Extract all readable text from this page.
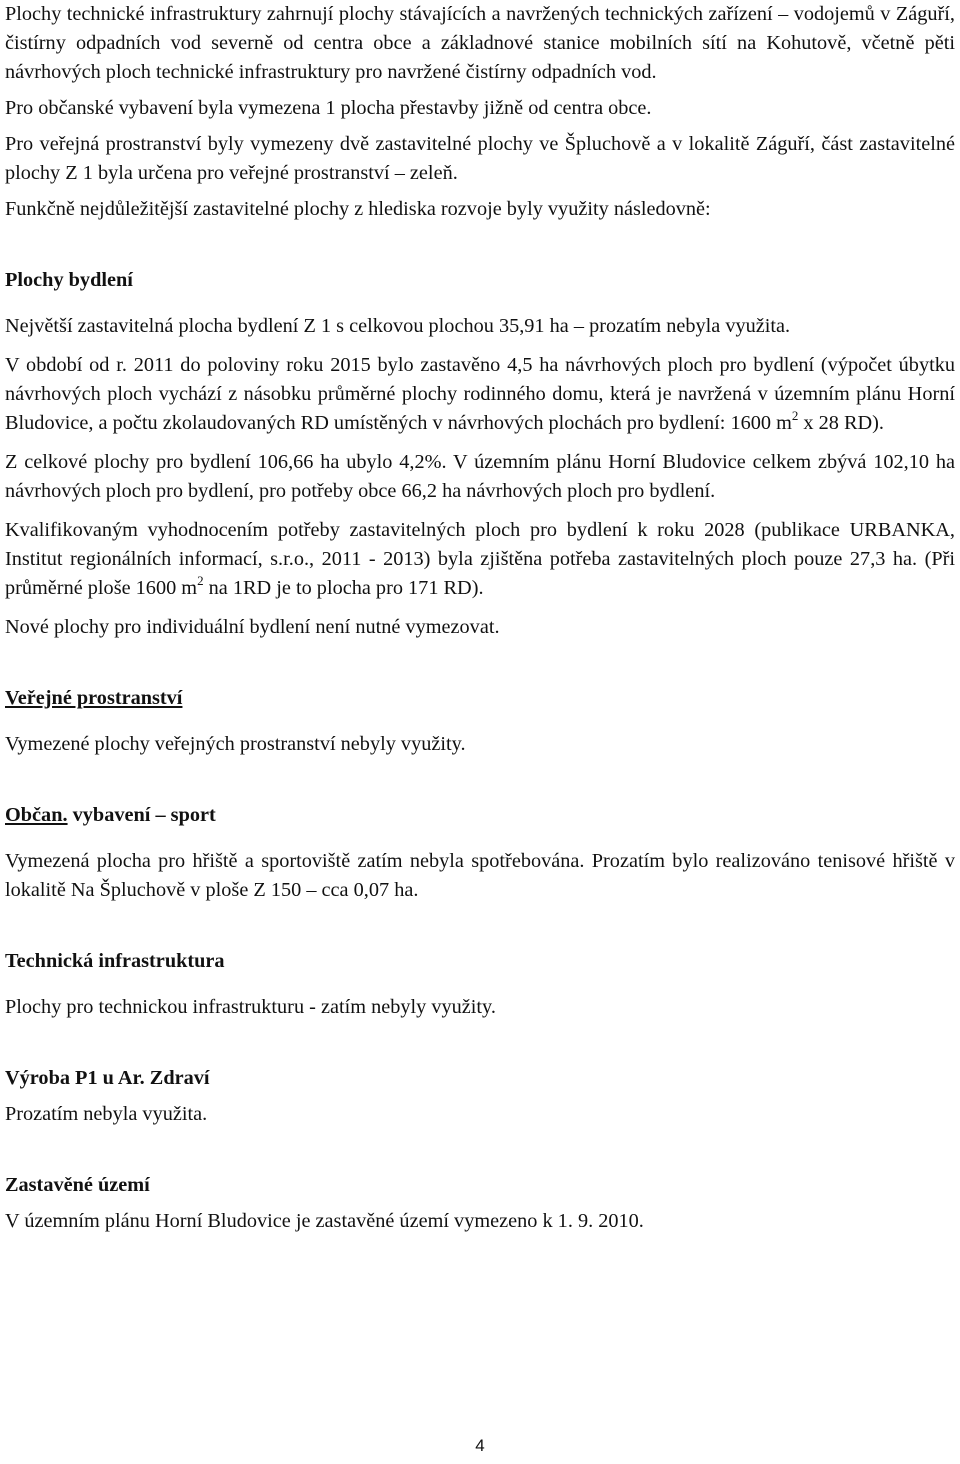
Plochy technické infrastruktury zahrnují plochy stávajících a navržených technických zařízení – vodojemů v Záguří, čistírny odpadních vod severně od centra obce a základnové stanice mobilních sítí na Kohutově, včetně pěti návrhových ploch technické infrastruktury pro navržené čistírny odpadních vod.

Pro občanské vybavení byla vymezena 1 plocha přestavby jižně od centra obce.

Pro veřejná prostranství byly vymezeny dvě zastavitelné plochy ve Špluchově a v lokalitě Záguří, část zastavitelné plochy Z 1 byla určena pro veřejné prostranství – zeleň.

Funkčně nejdůležitější zastavitelné plochy z hlediska rozvoje byly využity následovně:

Plochy bydlení

Největší zastavitelná plocha bydlení Z 1 s celkovou plochou 35,91 ha – prozatím nebyla využita.

V období od r. 2011 do poloviny roku 2015 bylo zastavěno 4,5 ha návrhových ploch pro bydlení (výpočet úbytku návrhových ploch vychází z násobku průměrné plochy rodinného domu, která je navržená v územním plánu Horní Bludovice, a počtu zkolaudovaných RD umístěných v návrhových plochách pro bydlení: 1600 $m^2$ x 28 RD).

Z celkové plochy pro bydlení 106,66 ha ubylo 4,2%. V územním plánu Horní Bludovice celkem zbývá 102,10 ha návrhových ploch pro bydlení, pro potřeby obce 66,2 ha návrhových ploch pro bydlení.

Kvalifikovaným vyhodnocením potřeby zastavitelných ploch pro bydlení k roku 2028 (publikace URBANKA, Institut regionálních informací, s.r.o., 2011 - 2013) byla zjištěna potřeba zastavitelných ploch pouze 27,3 ha. (Při průměrné ploše 1600 $m^2$ na 1RD je to plocha pro 171 RD).

Nové plochy pro individuální bydlení není nutné vymezovat.

Veřejné prostranství

Vymezené plochy veřejných prostranství nebyly využity.

Občan. vybavení – sport

Vymezená plocha pro hřiště a sportoviště zatím nebyla spotřebována. Prozatím bylo realizováno tenisové hřiště v lokalitě Na Špluchově v ploše Z 150 – cca 0,07 ha.

Technická infrastruktura

Plochy pro technickou infrastrukturu - zatím nebyly využity.

Výroba P1 u Ar. Zdraví

Prozatím nebyla využita.

Zastavěné území

V územním plánu Horní Bludovice je zastavěné území vymezeno k 1. 9. 2010.

4
